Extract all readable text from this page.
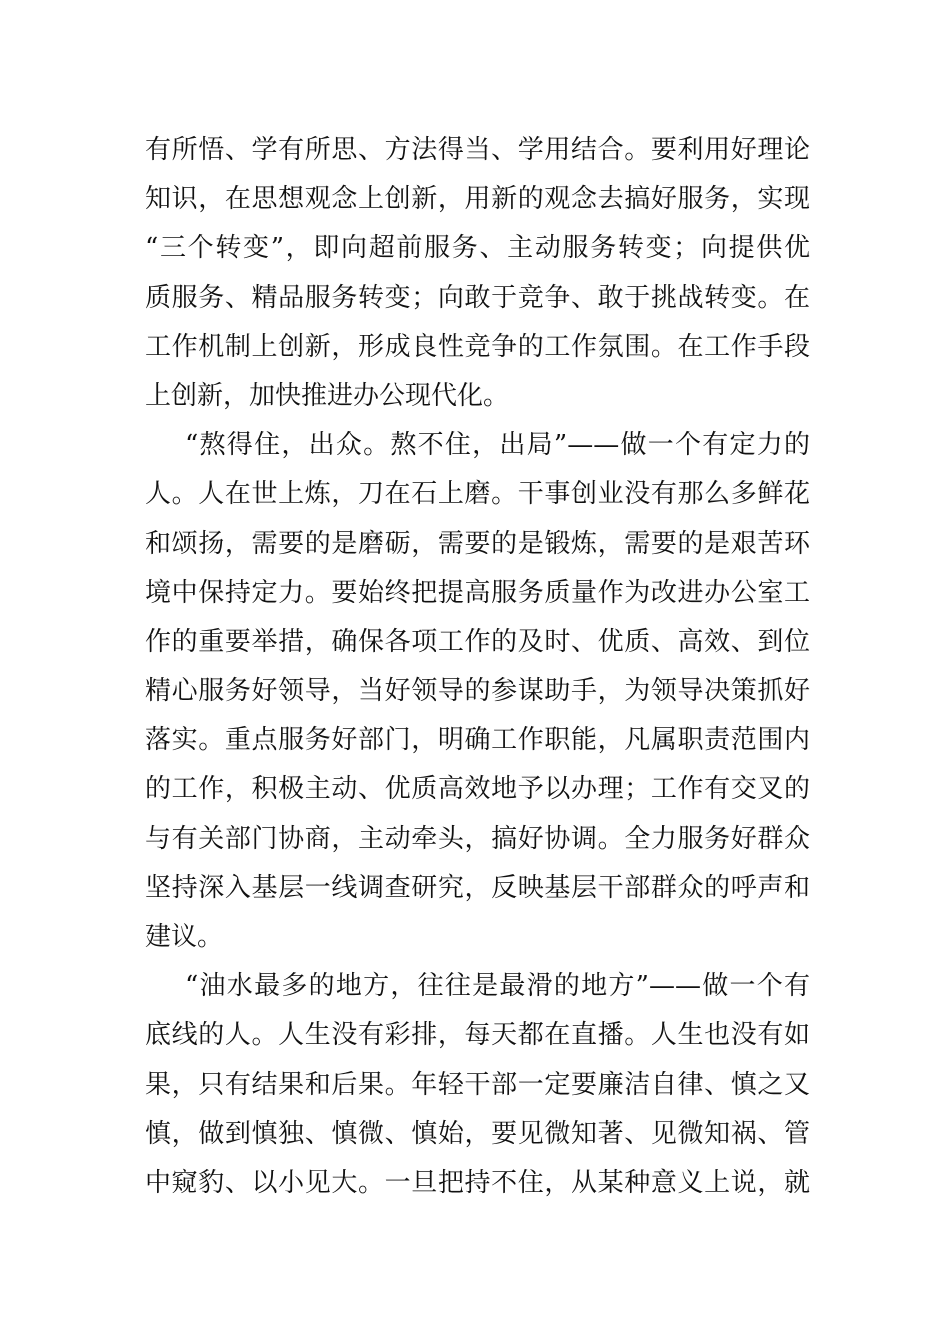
有所悟、学有所思、方法得当、学用结合。要利用好理论
知识，在思想观念上创新，用新的观念去搞好服务，实现
“三个转变”，即向超前服务、主动服务转变；向提供优
质服务、精品服务转变；向敢于竞争、敢于挑战转变。在
工作机制上创新，形成良性竞争的工作氛围。在工作手段
上创新，加快推进办公现代化。
“熬得住，出众。熬不住，出局”——做一个有定力的
人。人在世上炼，刀在石上磨。干事创业没有那么多鲜花
和颂扬，需要的是磨砺，需要的是锻炼，需要的是艰苦环
境中保持定力。要始终把提高服务质量作为改进办公室工
作的重要举措，确保各项工作的及时、优质、高效、到位
精心服务好领导，当好领导的参谋助手，为领导决策抓好
落实。重点服务好部门，明确工作职能，凡属职责范围内
的工作，积极主动、优质高效地予以办理；工作有交叉的
与有关部门协商，主动牵头，搞好协调。全力服务好群众
坚持深入基层一线调查研究，反映基层干部群众的呼声和
建议。
“油水最多的地方，往往是最滑的地方”——做一个有
底线的人。人生没有彩排，每天都在直播。人生也没有如
果，只有结果和后果。年轻干部一定要廉洁自律、慎之又
慎，做到慎独、慎微、慎始，要见微知著、见微知祸、管
中窥豹、以小见大。一旦把持不住，从某种意义上说，就
